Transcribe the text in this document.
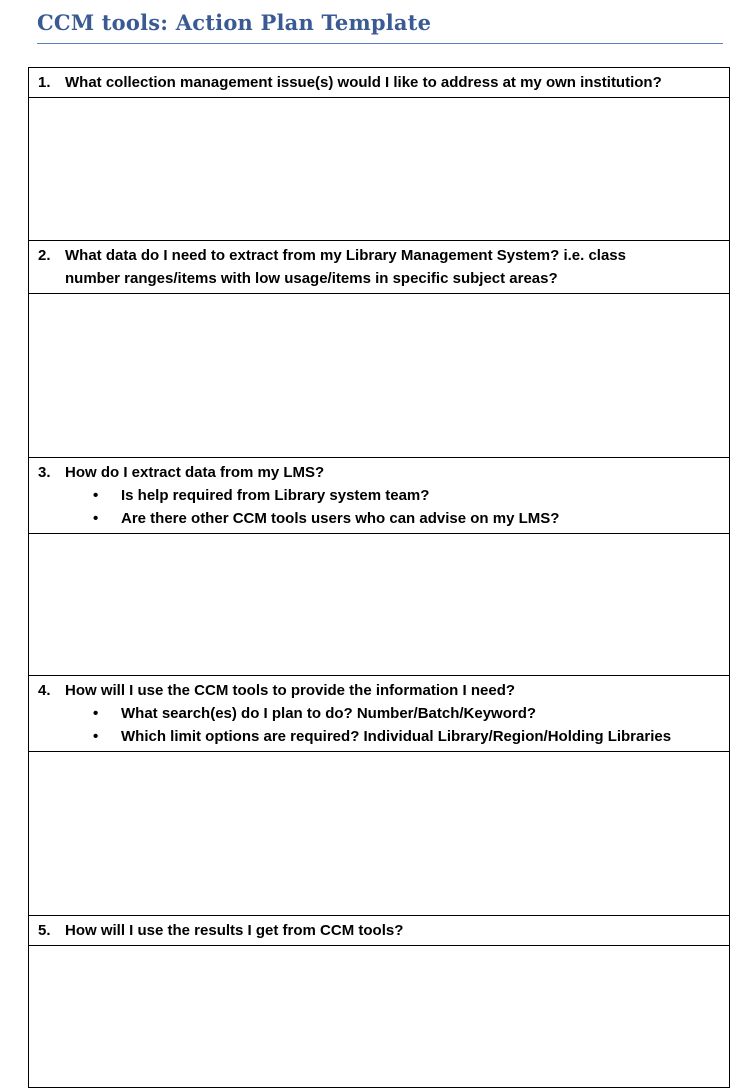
CCM tools: Action Plan Template
1. What collection management issue(s) would I like to address at my own institution?
2. What data do I need to extract from my Library Management System? i.e. class
number ranges/items with low usage/items in specific subject areas?
3. How do I extract data from my LMS?
•	Is help required from Library system team?
•	Are there other CCM tools users who can advise on my LMS?
4. How will I use the CCM tools to provide the information I need?
•	What search(es) do I plan to do? Number/Batch/Keyword?
•	Which limit options are required? Individual Library/Region/Holding Libraries
5. How will I use the results I get from CCM tools?
